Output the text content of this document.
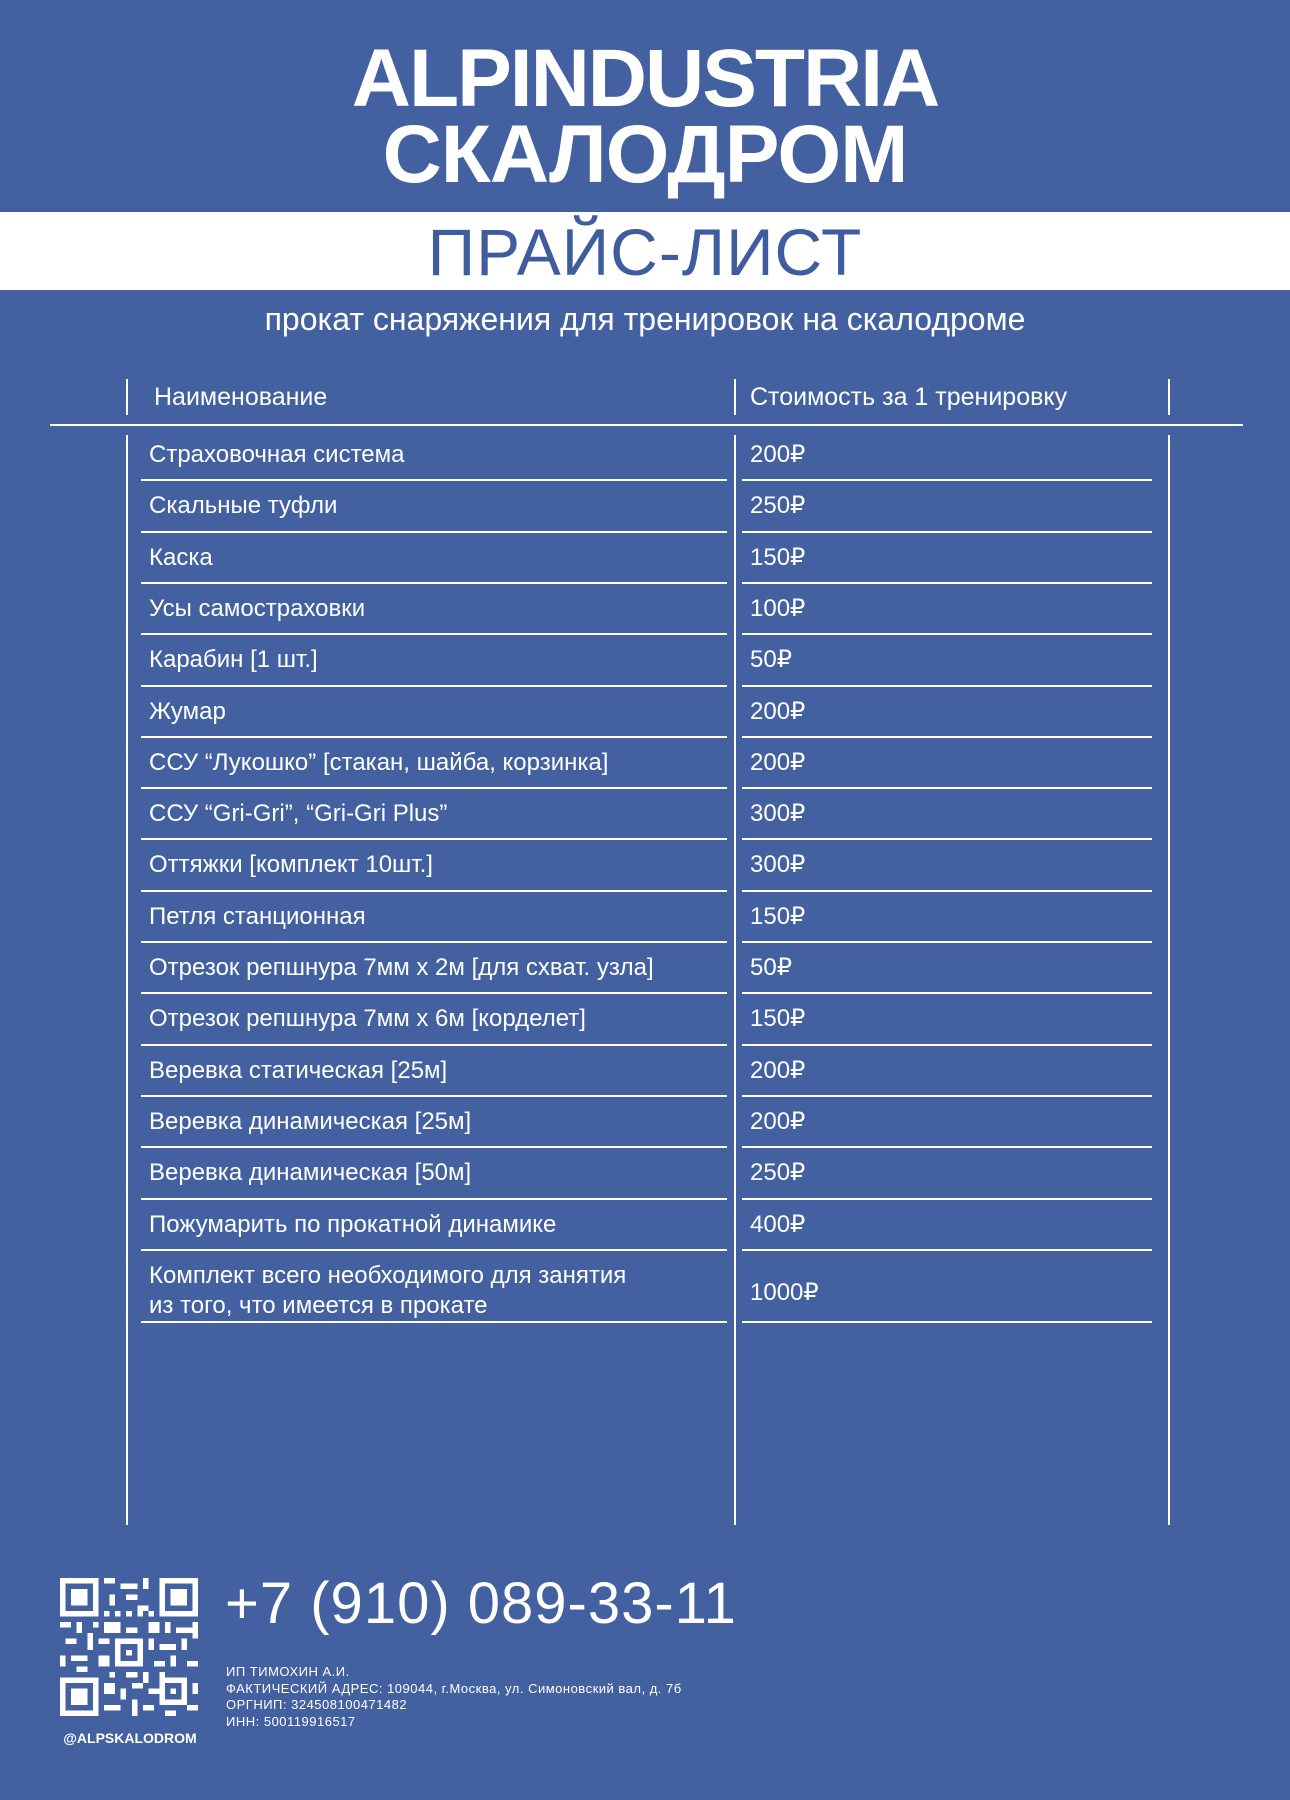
ALPINDUSTRIA
СКАЛОДРОМ
ПРАЙС-ЛИСТ
прокат снаряжения для тренировок на скалодроме
Наименование	Стоимость за 1 тренировку
Страховочная система	200₽
Скальные туфли	250₽
Каска	150₽
Усы самостраховки	100₽
Карабин [1 шт.]	50₽
Жумар	200₽
ССУ “Лукошко” [стакан, шайба, корзинка]	200₽
ССУ “Gri-Gri”, “Gri-Gri Plus”	300₽
Оттяжки [комплект 10шт.]	300₽
Петля станционная	150₽
Отрезок репшнура 7мм х 2м [для схват. узла]	50₽
Отрезок репшнура 7мм х 6м [корделет]	150₽
Веревка статическая [25м]	200₽
Веревка динамическая [25м]	200₽
Веревка динамическая [50м]	250₽
Пожумарить по прокатной динамике	400₽
Комплект всего необходимого для занятия
из того, что имеется в прокате	1000₽
@ALPSKALODROM
+7 (910) 089-33-11
ИП ТИМОХИН А.И.
ФАКТИЧЕСКИЙ АДРЕС: 109044, г.Москва, ул. Симоновский вал, д. 7б
ОРГНИП: 324508100471482
ИНН: 500119916517
